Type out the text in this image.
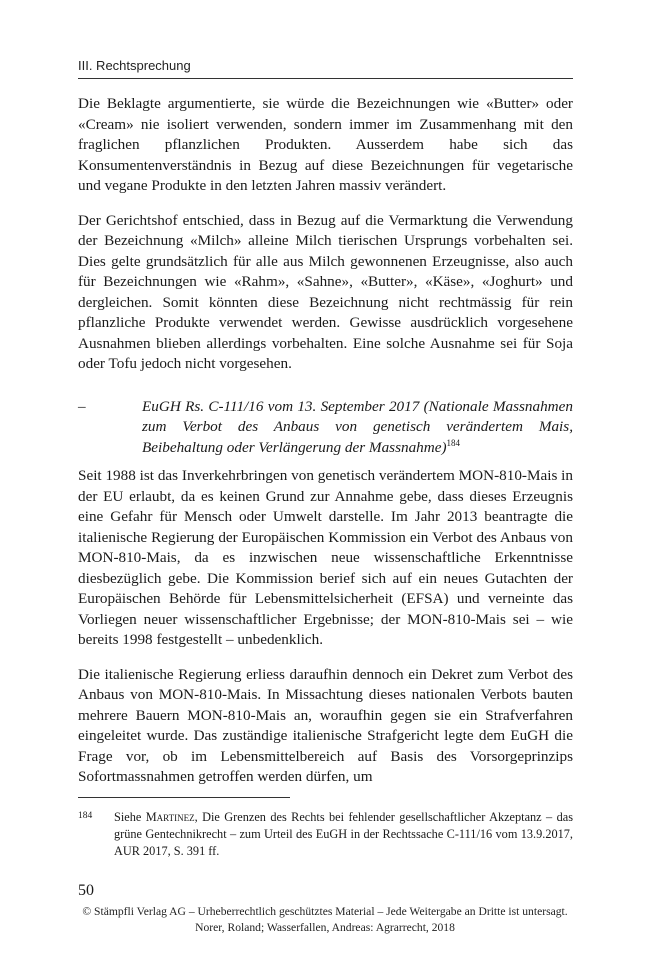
III. Rechtsprechung

Die Beklagte argumentierte, sie würde die Bezeichnungen wie «Butter» oder «Cream» nie isoliert verwenden, sondern immer im Zusammenhang mit den fraglichen pflanzlichen Produkten. Ausserdem habe sich das Konsumentenverständnis in Bezug auf diese Bezeichnungen für vegetarische und vegane Produkte in den letzten Jahren massiv verändert.

Der Gerichtshof entschied, dass in Bezug auf die Vermarktung die Verwendung der Bezeichnung «Milch» alleine Milch tierischen Ursprungs vorbehalten sei. Dies gelte grundsätzlich für alle aus Milch gewonnenen Erzeugnisse, also auch für Bezeichnungen wie «Rahm», «Sahne», «Butter», «Käse», «Joghurt» und dergleichen. Somit könnten diese Bezeichnung nicht rechtmässig für rein pflanzliche Produkte verwendet werden. Gewisse ausdrücklich vorgesehene Ausnahmen blieben allerdings vorbehalten. Eine solche Ausnahme sei für Soja oder Tofu jedoch nicht vorgesehen.

–	EuGH Rs. C-111/16 vom 13. September 2017 (Nationale Massnahmen zum Verbot des Anbaus von genetisch verändertem Mais, Beibehaltung oder Verlängerung der Massnahme)$^{184}$

Seit 1988 ist das Inverkehrbringen von genetisch verändertem MON-810-Mais in der EU erlaubt, da es keinen Grund zur Annahme gebe, dass dieses Erzeugnis eine Gefahr für Mensch oder Umwelt darstelle. Im Jahr 2013 beantragte die italienische Regierung der Europäischen Kommission ein Verbot des Anbaus von MON-810-Mais, da es inzwischen neue wissenschaftliche Erkenntnisse diesbezüglich gebe. Die Kommission berief sich auf ein neues Gutachten der Europäischen Behörde für Lebensmittelsicherheit (EFSA) und verneinte das Vorliegen neuer wissenschaftlicher Ergebnisse; der MON-810-Mais sei – wie bereits 1998 festgestellt – unbedenklich.

Die italienische Regierung erliess daraufhin dennoch ein Dekret zum Verbot des Anbaus von MON-810-Mais. In Missachtung dieses nationalen Verbots bauten mehrere Bauern MON-810-Mais an, woraufhin gegen sie ein Strafverfahren eingeleitet wurde. Das zuständige italienische Strafgericht legte dem EuGH die Frage vor, ob im Lebensmittelbereich auf Basis des Vorsorgeprinzips Sofortmassnahmen getroffen werden dürfen, um

184	Siehe Martinez, Die Grenzen des Rechts bei fehlender gesellschaftlicher Akzeptanz – das grüne Gentechnikrecht – zum Urteil des EuGH in der Rechtssache C-111/16 vom 13.9.2017, AUR 2017, S. 391 ff.
50
© Stämpfli Verlag AG – Urheberrechtlich geschütztes Material – Jede Weitergabe an Dritte ist untersagt.
Norer, Roland; Wasserfallen, Andreas: Agrarrecht, 2018
